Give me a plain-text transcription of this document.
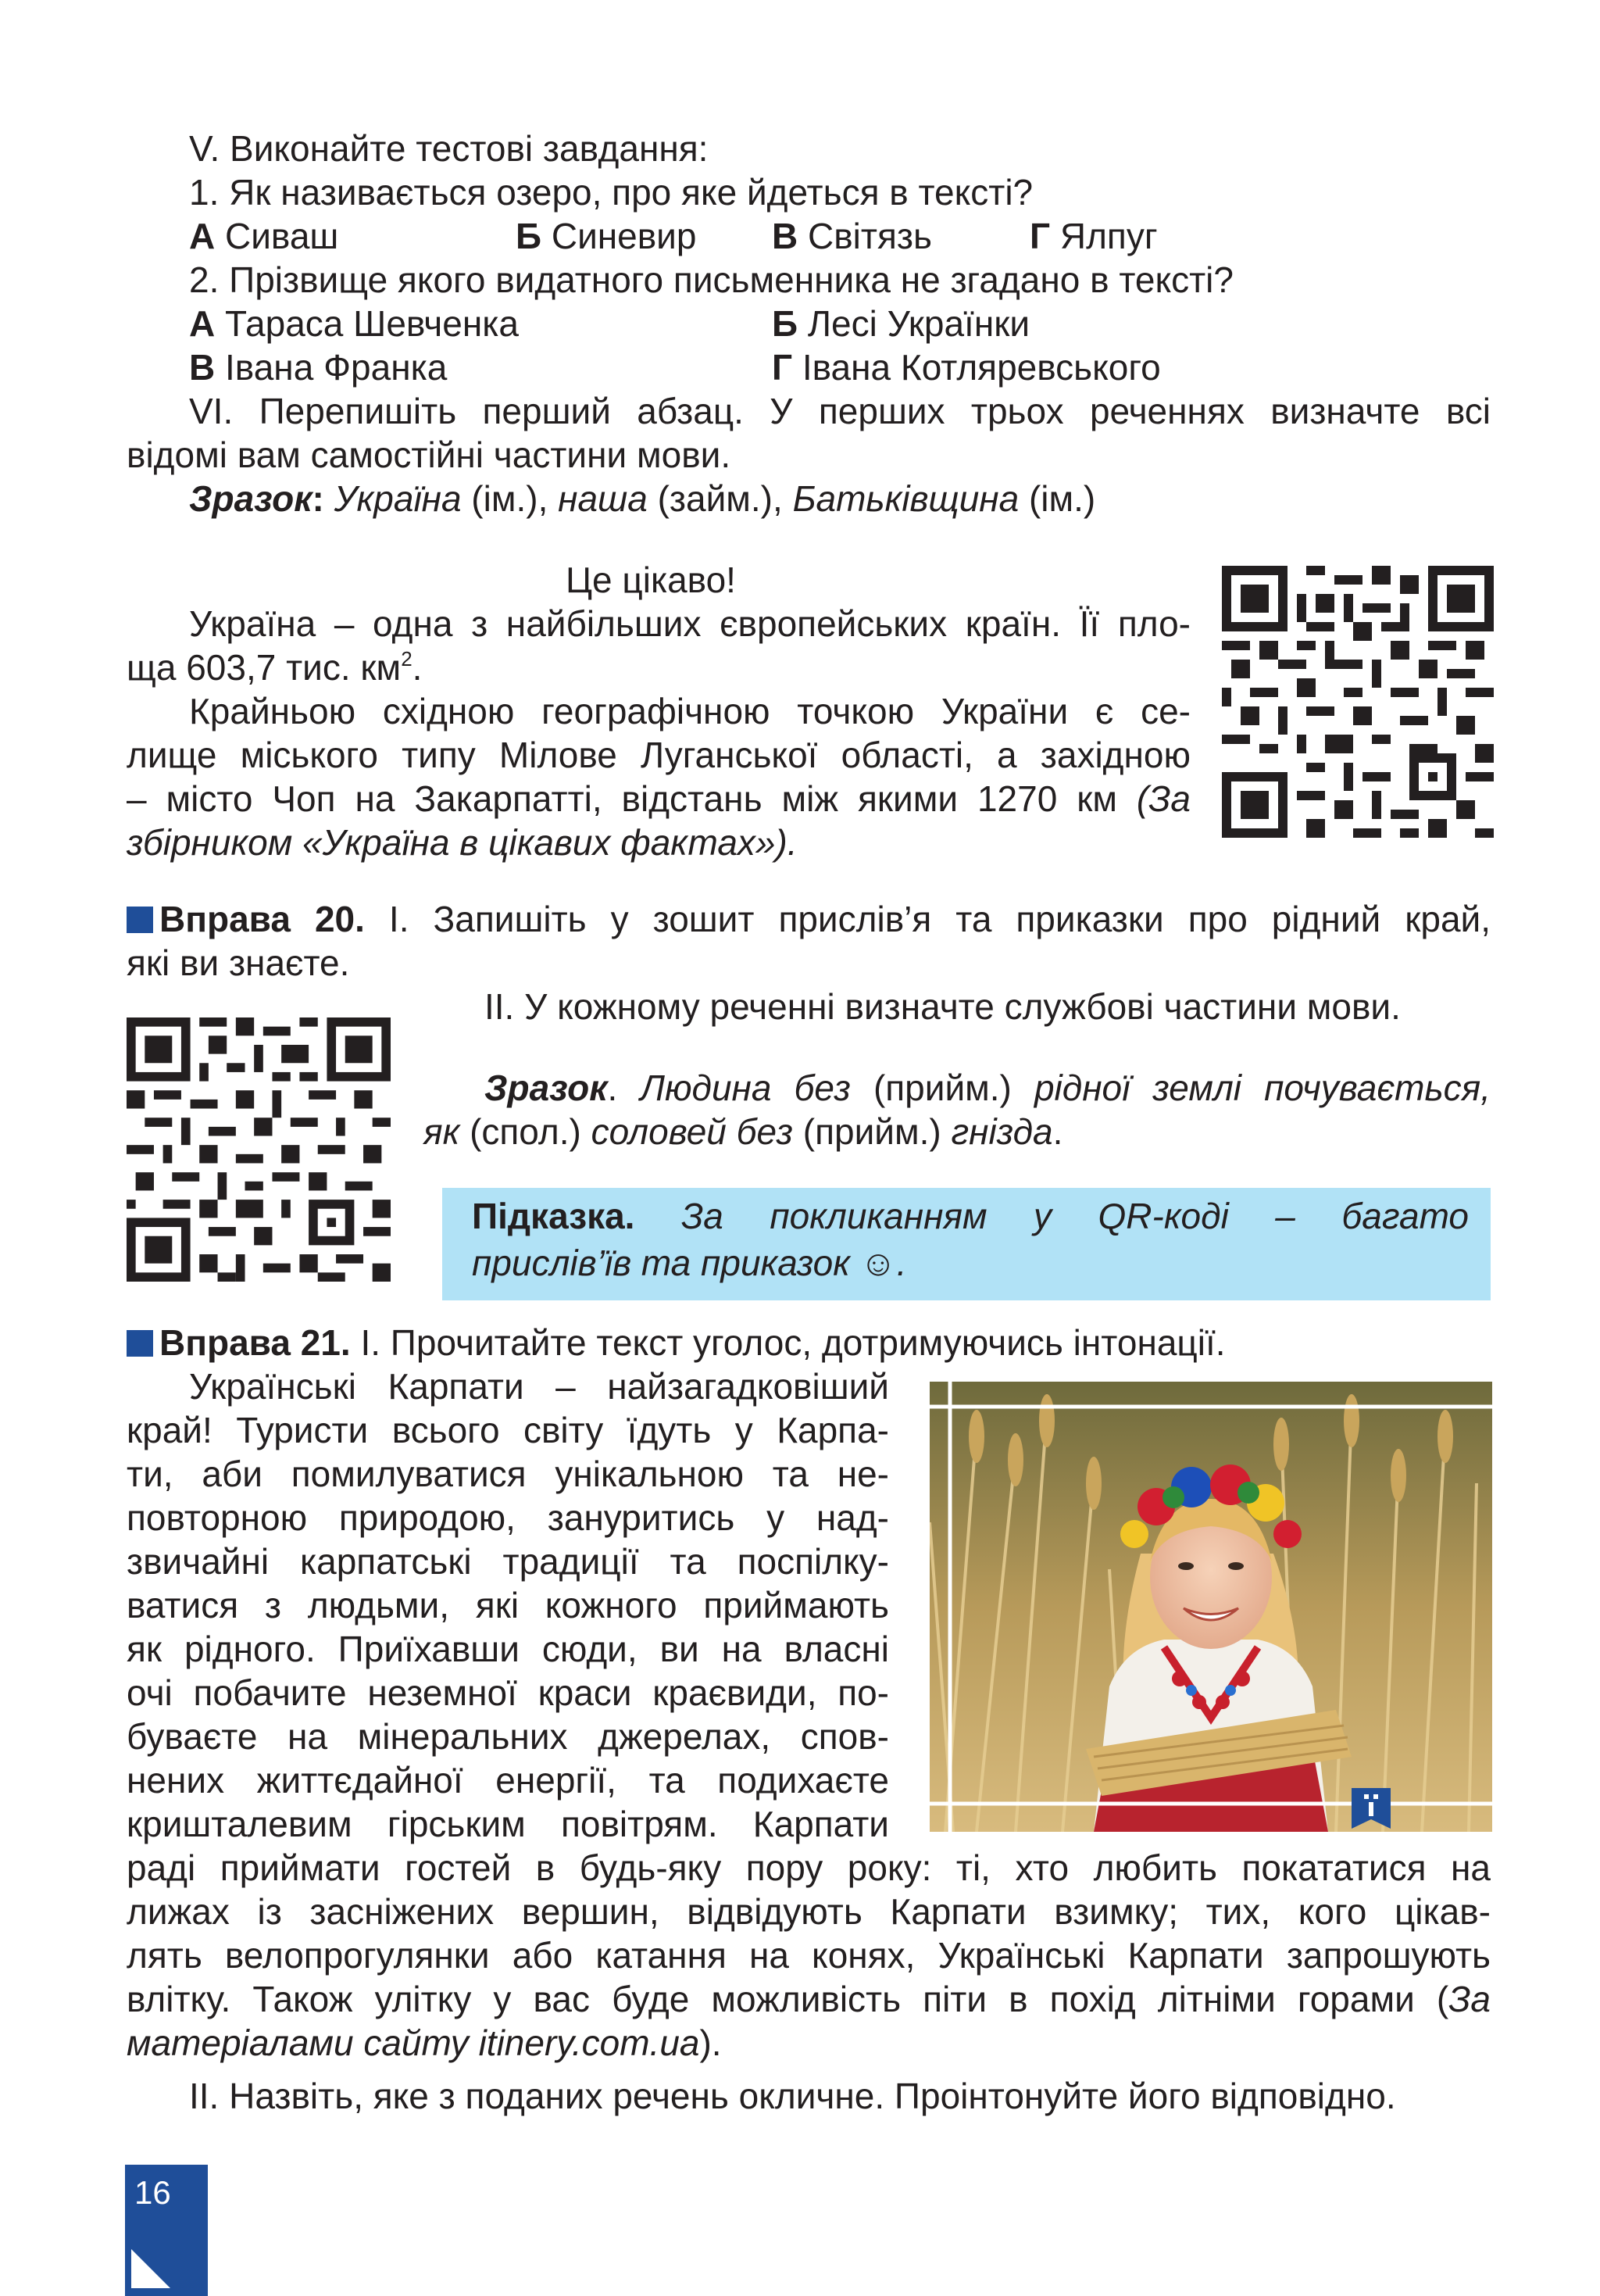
V. Виконайте тестові завдання:
1. Як називається озеро, про яке йдеться в тексті?
А Сиваш	Б Синевир В Світязь	Г Ялпуг
2. Прізвище якого видатного письменника не згадано в тексті?
А Тараса Шевченка	Б Лесі Українки
В Івана Франка	Г Івана Котляревського
VI. Перепишіть перший абзац. У перших трьох реченнях визначте всі
відомі вам самостійні частини мови.
Зразок: Україна (ім.), наша (займ.), Батьківщина (ім.)
Це цікаво!
Україна – одна з найбільших європейських країн. Її пло-
ща 603,7 тис. $км^2$.
Крайньою східною географічною точкою України є се-
лище міського типу Мілове Луганської області, а західною
– місто Чоп на Закарпатті, відстань між якими 1270 км (За
збірником «Україна в цікавих фактах»).
Вправа 20. І. Запишіть у зошит прислів’я та приказки про рідний край,
які ви знаєте.
ІІ. У кожному реченні визначте службові частини мови.
Зразок. Людина без (прийм.) рідної землі почувається,
як (спол.) соловей без (прийм.) гнізда.
Підказка. За покликанням у QR-коді – багато
прислів’їв та приказок ☺.
Вправа 21. І. Прочитайте текст уголос, дотримуючись інтонації.
Українські Карпати – найзагадковіший
край! Туристи всього світу їдуть у Карпа-
ти, аби помилуватися унікальною та не-
повторною природою, зануритись у над-
звичайні карпатські традиції та поспілку-
ватися з людьми, які кожного приймають
як рідного. Приїхавши сюди, ви на власні
очі побачите неземної краси краєвиди, по-
буваєте на мінеральних джерелах, спов-
нених життєдайної енергії, та подихаєте
кришталевим гірським повітрям. Карпати
раді приймати гостей в будь-яку пору року: ті, хто любить покататися на
лижах із засніжених вершин, відвідують Карпати взимку; тих, кого цікав-
лять велопрогулянки або катання на конях, Українські Карпати запрошують
влітку. Також улітку у вас буде можливість піти в похід літніми горами (За
матеріалами сайту itinery.com.ua).
ІІ. Назвіть, яке з поданих речень окличне. Проінтонуйте його відповідно.
16
